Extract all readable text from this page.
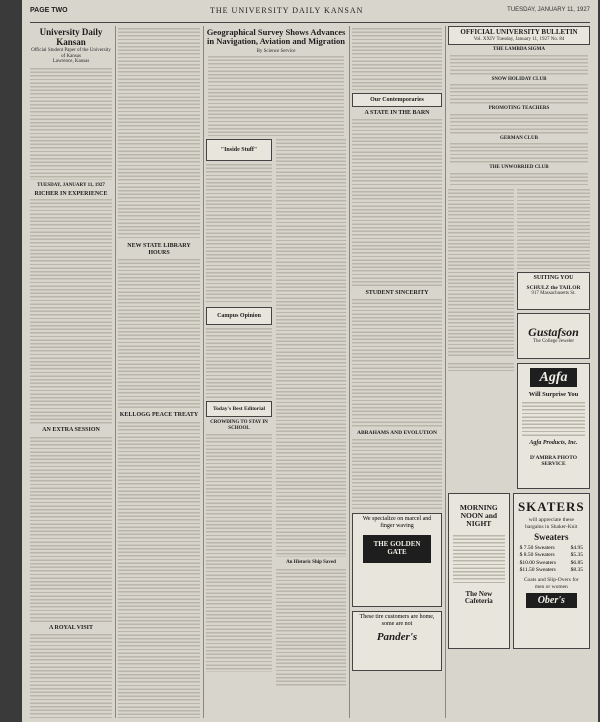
PAGE TWO	THE UNIVERSITY DAILY KANSAN	TUESDAY, JANUARY 11, 1927
University Daily Kansan
Official Student Paper of the University of Kansas
Lawrence, Kansas
TUESDAY, JANUARY 11, 1927
RICHER IN EXPERIENCE
AN EXTRA SESSION
A ROYAL VISIT
NEW STATE LIBRARY HOURS
KELLOGG PEACE TREATY
Geographical Survey Shows Advances in Navigation, Aviation and Migration
By Science Service
"Inside Stuff"
Campus Opinion
Today's Best Editorial
CROWDING TO STAY IN SCHOOL
An Historic Ship Saved
Our Contemporaries
A STATE IN THE BARN
STUDENT SINCERITY
ABRAHAMS AND EVOLUTION
We specialize on marcel and finger waving
THE GOLDEN GATE
These tire customers are home, some are not
Pander's
OFFICIAL UNIVERSITY BULLETIN
Vol. XXIV Tuesday, January 11, 1927 No. 84
THE LAMBDA SIGMA
SNOW HOLIDAY CLUB
PROMOTING TEACHERS
GERMAN CLUB
THE UNWORRIED CLUB
SUITING YOU
SCHULZ the TAILOR
917 Massachusetts St.
Gustafson
The College Jeweler
Agfa
Will Surprise You
Agfa Products, Inc.
D'AMBRA PHOTO SERVICE
MORNING NOON and NIGHT
The New Cafeteria
SKATERS
will appreciate these bargains in Shaker-Knit
Sweaters
$ 7.50 Sweaters	$4.95
$ 8.50 Sweaters	$5.35
$10.00 Sweaters	$6.85
$11.50 Sweaters	$8.35
Coats and Slip-Overs for men or women
Ober's
